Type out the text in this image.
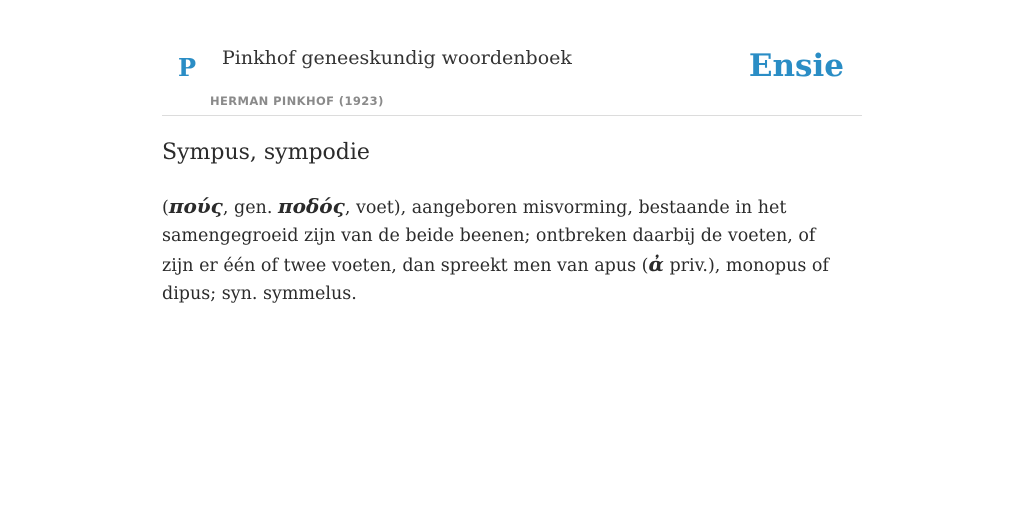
P Pinkhof geneeskundig woordenboek
HERMAN PINKHOF (1923)
Ensie
Sympus, sympodie

(πούς, gen. ποδός, voet), aangeboren misvorming, bestaande in het samengegroeid zijn van de beide beenen; ontbreken daarbij de voeten, of zijn er één of twee voeten, dan spreekt men van apus (ἀ priv.), monopus of dipus; syn. symmelus.
